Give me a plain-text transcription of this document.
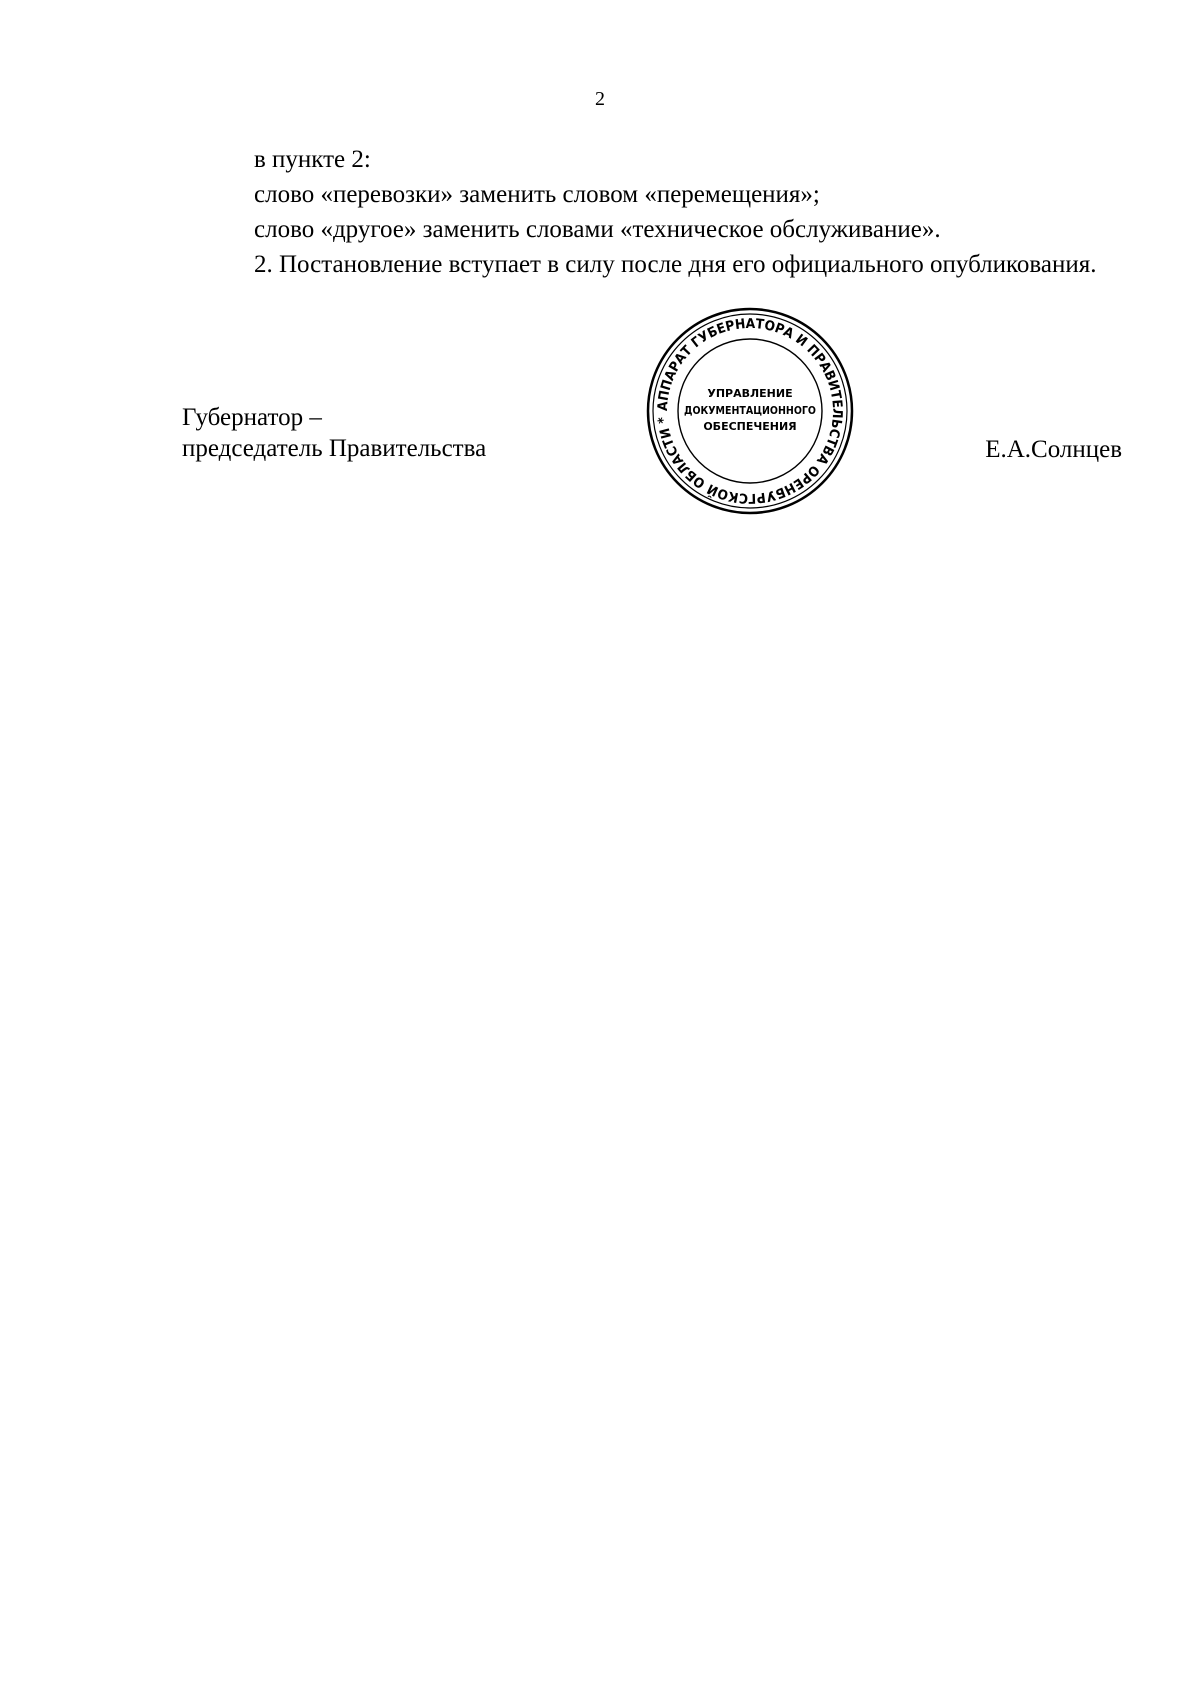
2

в пункте 2:

слово «перевозки» заменить словом «перемещения»;

слово «другое» заменить словами «техническое обслуживание».

2. Постановление вступает в силу после дня его официального опубликования.

Губернатор –
председатель Правительства
АППАРАТ ГУБЕРНАТОРА И ПРАВИТЕЛЬСТВА ОРЕНБУРГСКОЙ ОБЛАСТИ *
УПРАВЛЕНИЕ
ДОКУМЕНТАЦИОННОГО
ОБЕСПЕЧЕНИЯ
Е.А.Солнцев
